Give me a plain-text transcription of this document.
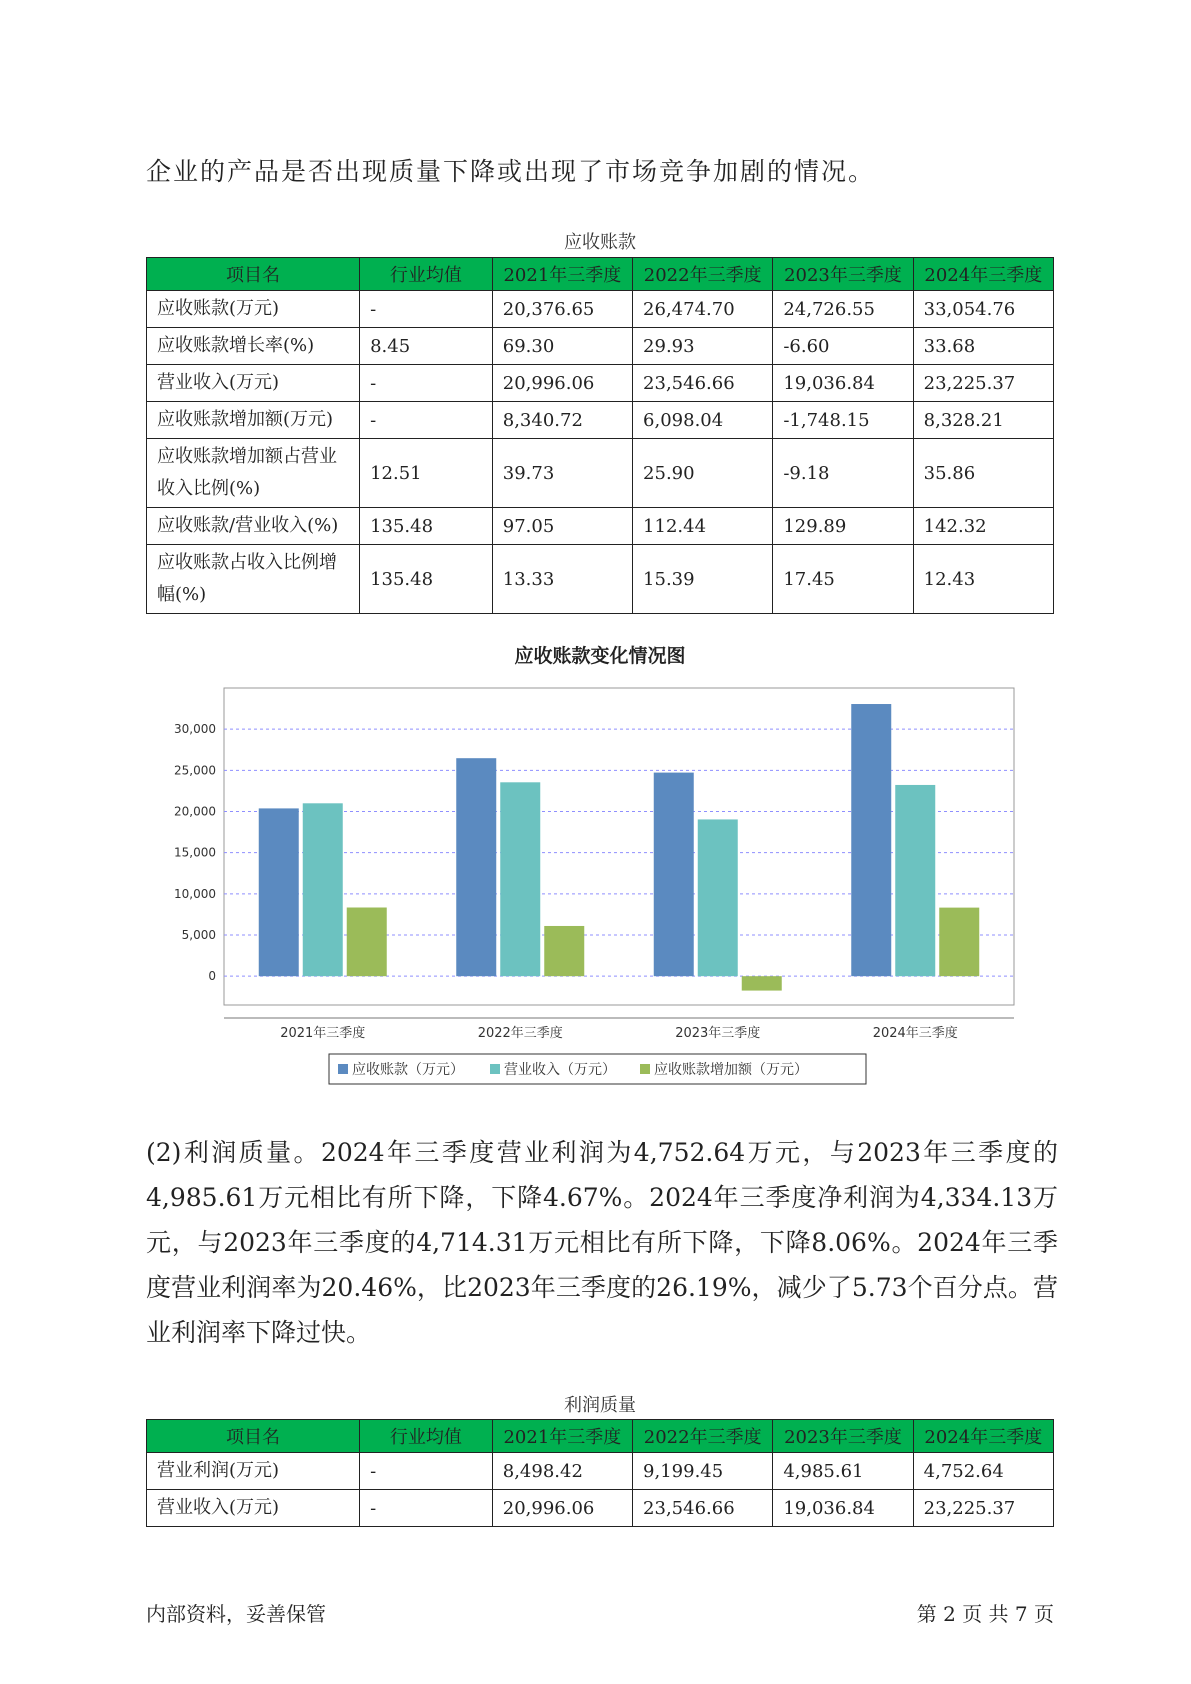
企业的产品是否出现质量下降或出现了市场竞争加剧的情况。
应收账款
项目名	行业均值	2021年三季度	2022年三季度	2023年三季度	2024年三季度
应收账款(万元)	-	20,376.65	26,474.70	24,726.55	33,054.76
应收账款增长率(%)	8.45	69.30	29.93	-6.60	33.68
营业收入(万元)	-	20,996.06	23,546.66	19,036.84	23,225.37
应收账款增加额(万元)	-	8,340.72	6,098.04	-1,748.15	8,328.21
应收账款增加额占营业收入比例(%)	12.51	39.73	25.90	-9.18	35.86
应收账款/营业收入(%)	135.48	97.05	112.44	129.89	142.32
应收账款占收入比例增幅(%)	135.48	13.33	15.39	17.45	12.43
应收账款变化情况图
0
5,000
10,000
15,000
20,000
25,000
30,000
2021年三季度	2022年三季度	2023年三季度	2024年三季度
应收账款（万元）	营业收入（万元）	应收账款增加额（万元）
(2)利润质量。2024年三季度营业利润为4,752.64万元，与2023年三季度的4,985.61万元相比有所下降，下降4.67%。2024年三季度净利润为4,334.13万元，与2023年三季度的4,714.31万元相比有所下降，下降8.06%。2024年三季度营业利润率为20.46%，比2023年三季度的26.19%，减少了5.73个百分点。营业利润率下降过快。
利润质量
项目名	行业均值	2021年三季度	2022年三季度	2023年三季度	2024年三季度
营业利润(万元)	-	8,498.42	9,199.45	4,985.61	4,752.64
营业收入(万元)	-	20,996.06	23,546.66	19,036.84	23,225.37
内部资料，妥善保管	第 2 页 共 7 页
